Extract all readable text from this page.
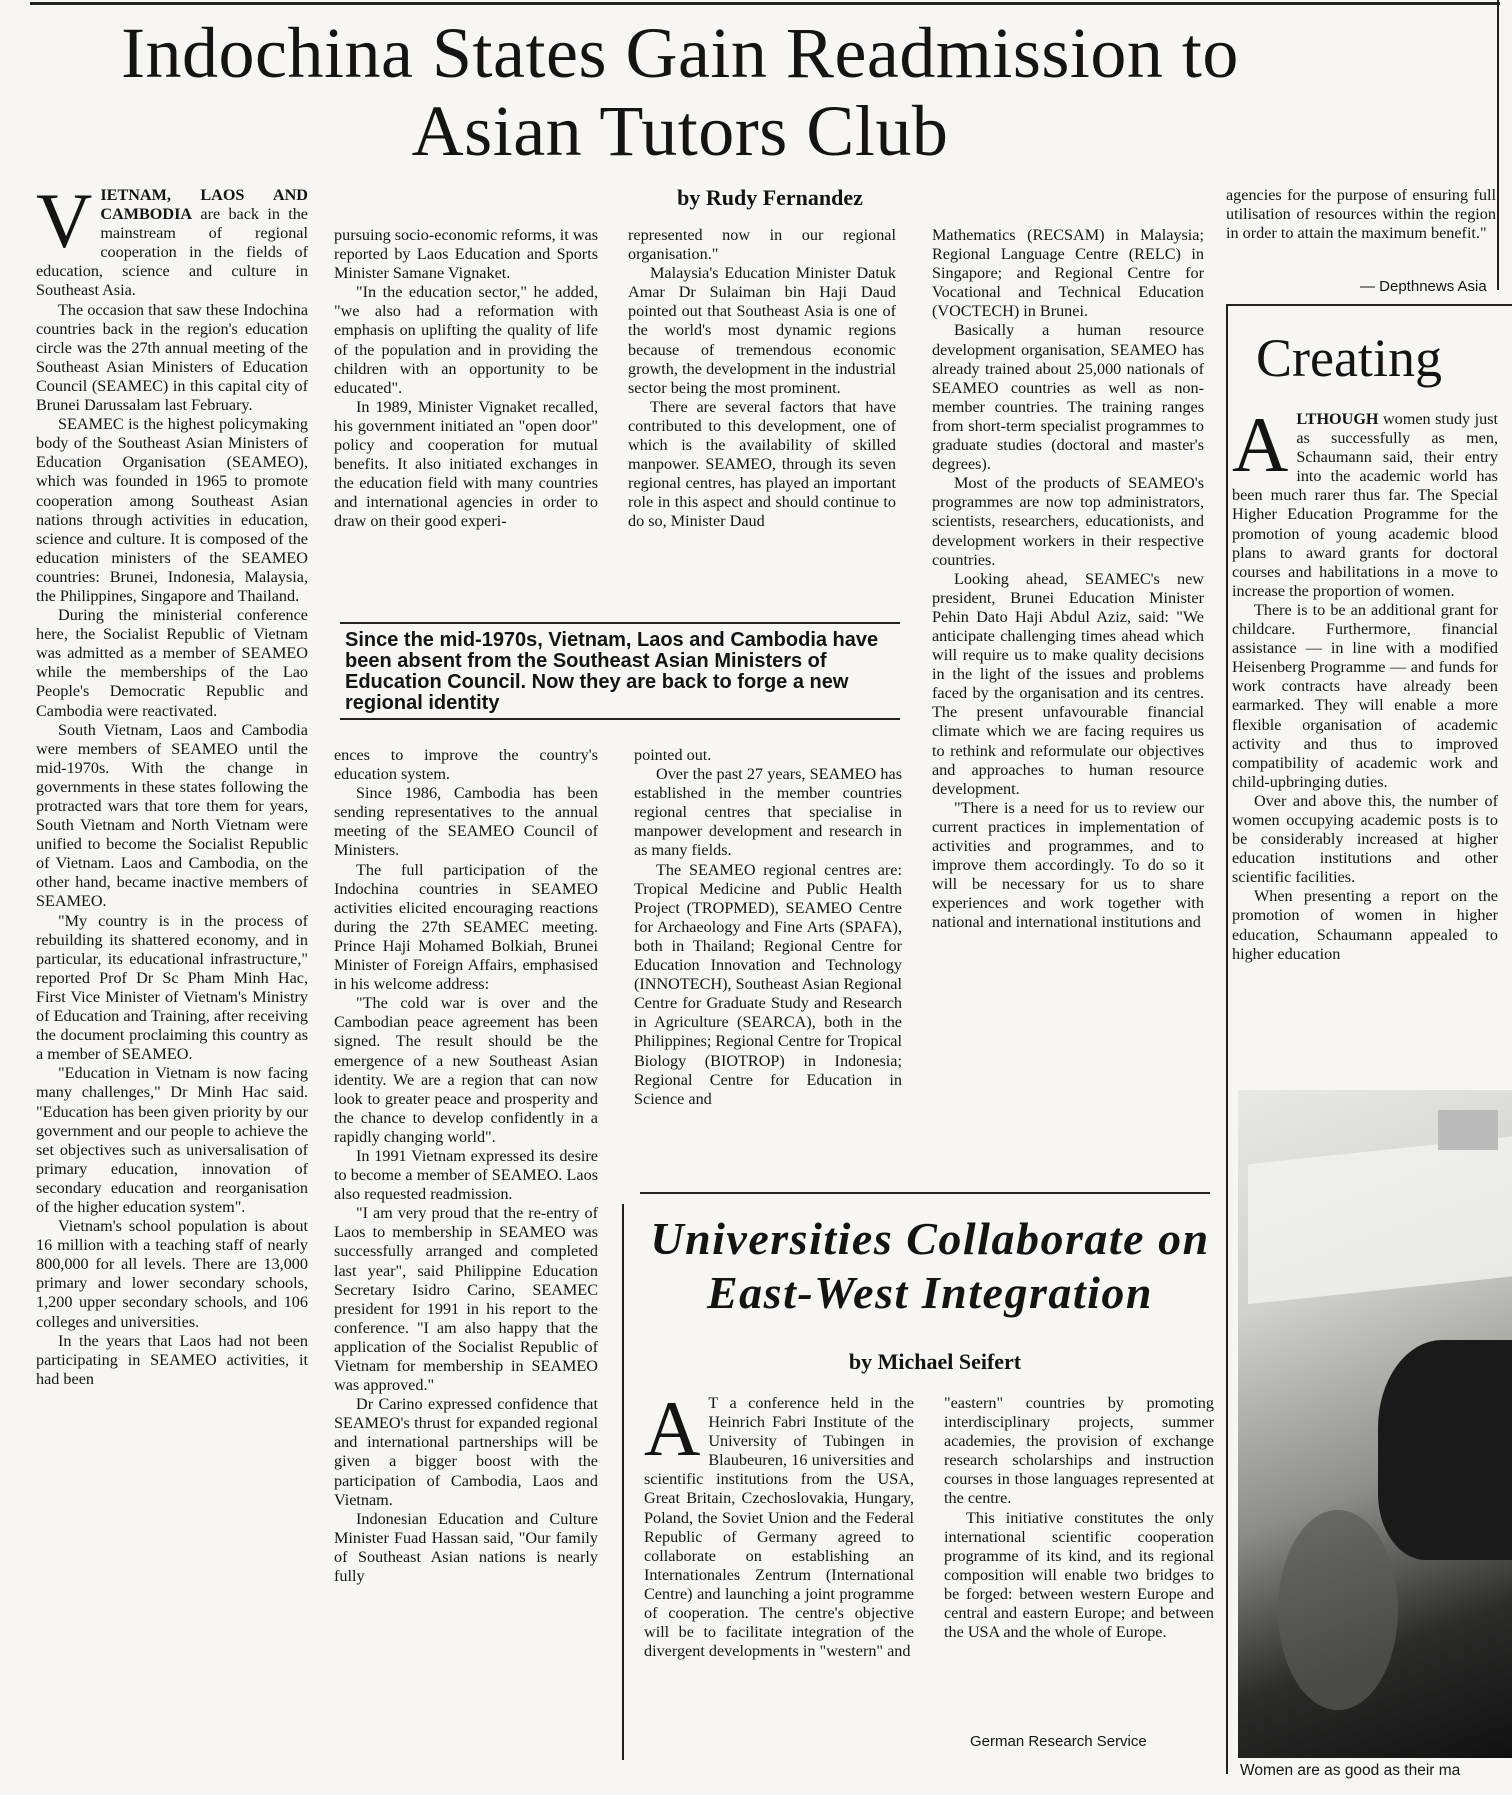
Indochina States Gain Readmission to Asian Tutors Club
by Rudy Fernandez

VIETNAM, LAOS AND CAMBODIA are back in the mainstream of regional cooperation in the fields of education, science and culture in Southeast Asia.

The occasion that saw these Indochina countries back in the region's education circle was the 27th annual meeting of the Southeast Asian Ministers of Education Council (SEAMEC) in this capital city of Brunei Darussalam last February.

SEAMEC is the highest policymaking body of the Southeast Asian Ministers of Education Organisation (SEAMEO), which was founded in 1965 to promote cooperation among Southeast Asian nations through activities in education, science and culture. It is composed of the education ministers of the SEAMEO countries: Brunei, Indonesia, Malaysia, the Philippines, Singapore and Thailand.

During the ministerial conference here, the Socialist Republic of Vietnam was admitted as a member of SEAMEO while the memberships of the Lao People's Democratic Republic and Cambodia were reactivated.

South Vietnam, Laos and Cambodia were members of SEAMEO until the mid-1970s. With the change in governments in these states following the protracted wars that tore them for years, South Vietnam and North Vietnam were unified to become the Socialist Republic of Vietnam. Laos and Cambodia, on the other hand, became inactive members of SEAMEO.

"My country is in the process of rebuilding its shattered economy, and in particular, its educational infrastructure," reported Prof Dr Sc Pham Minh Hac, First Vice Minister of Vietnam's Ministry of Education and Training, after receiving the document proclaiming this country as a member of SEAMEO.

"Education in Vietnam is now facing many challenges," Dr Minh Hac said. "Education has been given priority by our government and our people to achieve the set objectives such as universalisation of primary education, innovation of secondary education and reorganisation of the higher education system".

Vietnam's school population is about 16 million with a teaching staff of nearly 800,000 for all levels. There are 13,000 primary and lower secondary schools, 1,200 upper secondary schools, and 106 colleges and universities.

In the years that Laos had not been participating in SEAMEO activities, it had been

pursuing socio-economic reforms, it was reported by Laos Education and Sports Minister Samane Vignaket.

"In the education sector," he added, "we also had a reformation with emphasis on uplifting the quality of life of the population and in providing the children with an opportunity to be educated".

In 1989, Minister Vignaket recalled, his government initiated an "open door" policy and cooperation for mutual benefits. It also initiated exchanges in the education field with many countries and international agencies in order to draw on their good experi-

represented now in our regional organisation."

Malaysia's Education Minister Datuk Amar Dr Sulaiman bin Haji Daud pointed out that Southeast Asia is one of the world's most dynamic regions because of tremendous economic growth, the development in the industrial sector being the most prominent.

There are several factors that have contributed to this development, one of which is the availability of skilled manpower. SEAMEO, through its seven regional centres, has played an important role in this aspect and should continue to do so, Minister Daud

Since the mid-1970s, Vietnam, Laos and Cambodia have been absent from the Southeast Asian Ministers of Education Council. Now they are back to forge a new regional identity

ences to improve the country's education system.

Since 1986, Cambodia has been sending representatives to the annual meeting of the SEAMEO Council of Ministers.

The full participation of the Indochina countries in SEAMEO activities elicited encouraging reactions during the 27th SEAMEC meeting. Prince Haji Mohamed Bolkiah, Brunei Minister of Foreign Affairs, emphasised in his welcome address:

"The cold war is over and the Cambodian peace agreement has been signed. The result should be the emergence of a new Southeast Asian identity. We are a region that can now look to greater peace and prosperity and the chance to develop confidently in a rapidly changing world".

In 1991 Vietnam expressed its desire to become a member of SEAMEO. Laos also requested readmission.

"I am very proud that the re-entry of Laos to membership in SEAMEO was successfully arranged and completed last year", said Philippine Education Secretary Isidro Carino, SEAMEC president for 1991 in his report to the conference. "I am also happy that the application of the Socialist Republic of Vietnam for membership in SEAMEO was approved."

Dr Carino expressed confidence that SEAMEO's thrust for expanded regional and international partnerships will be given a bigger boost with the participation of Cambodia, Laos and Vietnam.

Indonesian Education and Culture Minister Fuad Hassan said, "Our family of Southeast Asian nations is nearly fully

pointed out.

Over the past 27 years, SEAMEO has established in the member countries regional centres that specialise in manpower development and research in as many fields.

The SEAMEO regional centres are: Tropical Medicine and Public Health Project (TROPMED), SEAMEO Centre for Archaeology and Fine Arts (SPAFA), both in Thailand; Regional Centre for Education Innovation and Technology (INNOTECH), Southeast Asian Regional Centre for Graduate Study and Research in Agriculture (SEARCA), both in the Philippines; Regional Centre for Tropical Biology (BIOTROP) in Indonesia; Regional Centre for Education in Science and

Mathematics (RECSAM) in Malaysia; Regional Language Centre (RELC) in Singapore; and Regional Centre for Vocational and Technical Education (VOCTECH) in Brunei.

Basically a human resource development organisation, SEAMEO has already trained about 25,000 nationals of SEAMEO countries as well as non-member countries. The training ranges from short-term specialist programmes to graduate studies (doctoral and master's degrees).

Most of the products of SEAMEO's programmes are now top administrators, scientists, researchers, educationists, and development workers in their respective countries.

Looking ahead, SEAMEC's new president, Brunei Education Minister Pehin Dato Haji Abdul Aziz, said: "We anticipate challenging times ahead which will require us to make quality decisions in the light of the issues and problems faced by the organisation and its centres. The present unfavourable financial climate which we are facing requires us to rethink and reformulate our objectives and approaches to human resource development.

"There is a need for us to review our current practices in implementation of activities and programmes, and to improve them accordingly. To do so it will be necessary for us to share experiences and work together with national and international institutions and

agencies for the purpose of ensuring full utilisation of resources within the region in order to attain the maximum benefit."

— Depthnews Asia
Creating

ALTHOUGH women study just as successfully as men, Schaumann said, their entry into the academic world has been much rarer thus far. The Special Higher Education Programme for the promotion of young academic blood plans to award grants for doctoral courses and habilitations in a move to increase the proportion of women.

There is to be an additional grant for childcare. Furthermore, financial assistance — in line with a modified Heisenberg Programme — and funds for work contracts have already been earmarked. They will enable a more flexible organisation of academic activity and thus to improved compatibility of academic work and child-upbringing duties.

Over and above this, the number of women occupying academic posts is to be considerably increased at higher education institutions and other scientific facilities.

When presenting a report on the promotion of women in higher education, Schaumann appealed to higher education

Women are as good as their ma
Universities Collaborate on East-West Integration
by Michael Seifert

A T a conference held in the Heinrich Fabri Institute of the University of Tubingen in Blaubeuren, 16 universities and scientific institutions from the USA, Great Britain, Czechoslovakia, Hungary, Poland, the Soviet Union and the Federal Republic of Germany agreed to collaborate on establishing an Internationales Zentrum (International Centre) and launching a joint programme of cooperation. The centre's objective will be to facilitate integration of the divergent developments in "western" and

"eastern" countries by promoting interdisciplinary projects, summer academies, the provision of exchange research scholarships and instruction courses in those languages represented at the centre.

This initiative constitutes the only international scientific cooperation programme of its kind, and its regional composition will enable two bridges to be forged: between western Europe and central and eastern Europe; and between the USA and the whole of Europe.

German Research Service
